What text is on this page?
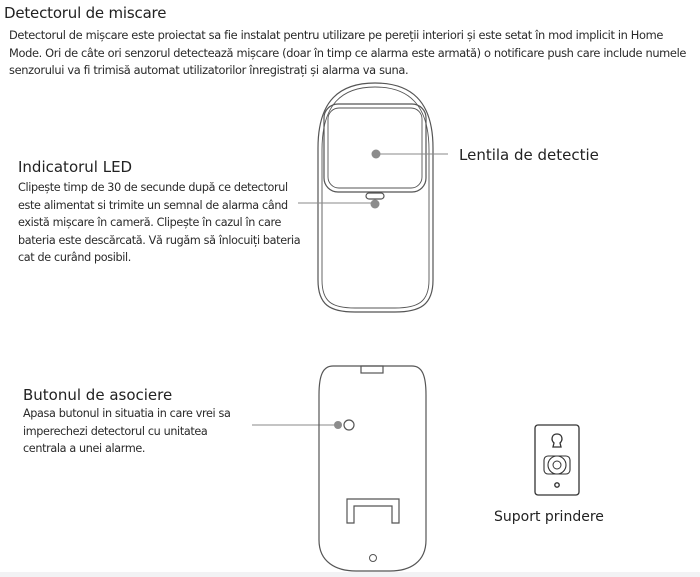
Detectorul de miscare
Detectorul de mișcare este proiectat sa fie instalat pentru utilizare pe pereții interiori și este setat în mod implicit in Home Mode. Ori de câte ori senzorul detectează mișcare (doar în timp ce alarma este armată) o notificare push care include numele senzorului va fi trimisă automat utilizatorilor înregistrați și alarma va suna.
Indicatorul LED
Clipește timp de 30 de secunde după ce detectorul este alimentat si trimite un semnal de alarma când există mișcare în cameră. Clipește în cazul în care bateria este descărcată. Vă rugăm să înlocuiți bateria cat de curând posibil.
Lentila de detectie
Butonul de asociere
Apasa butonul in situatia in care vrei sa imperechezi detectorul cu unitatea centrala a unei alarme.
Suport prindere
